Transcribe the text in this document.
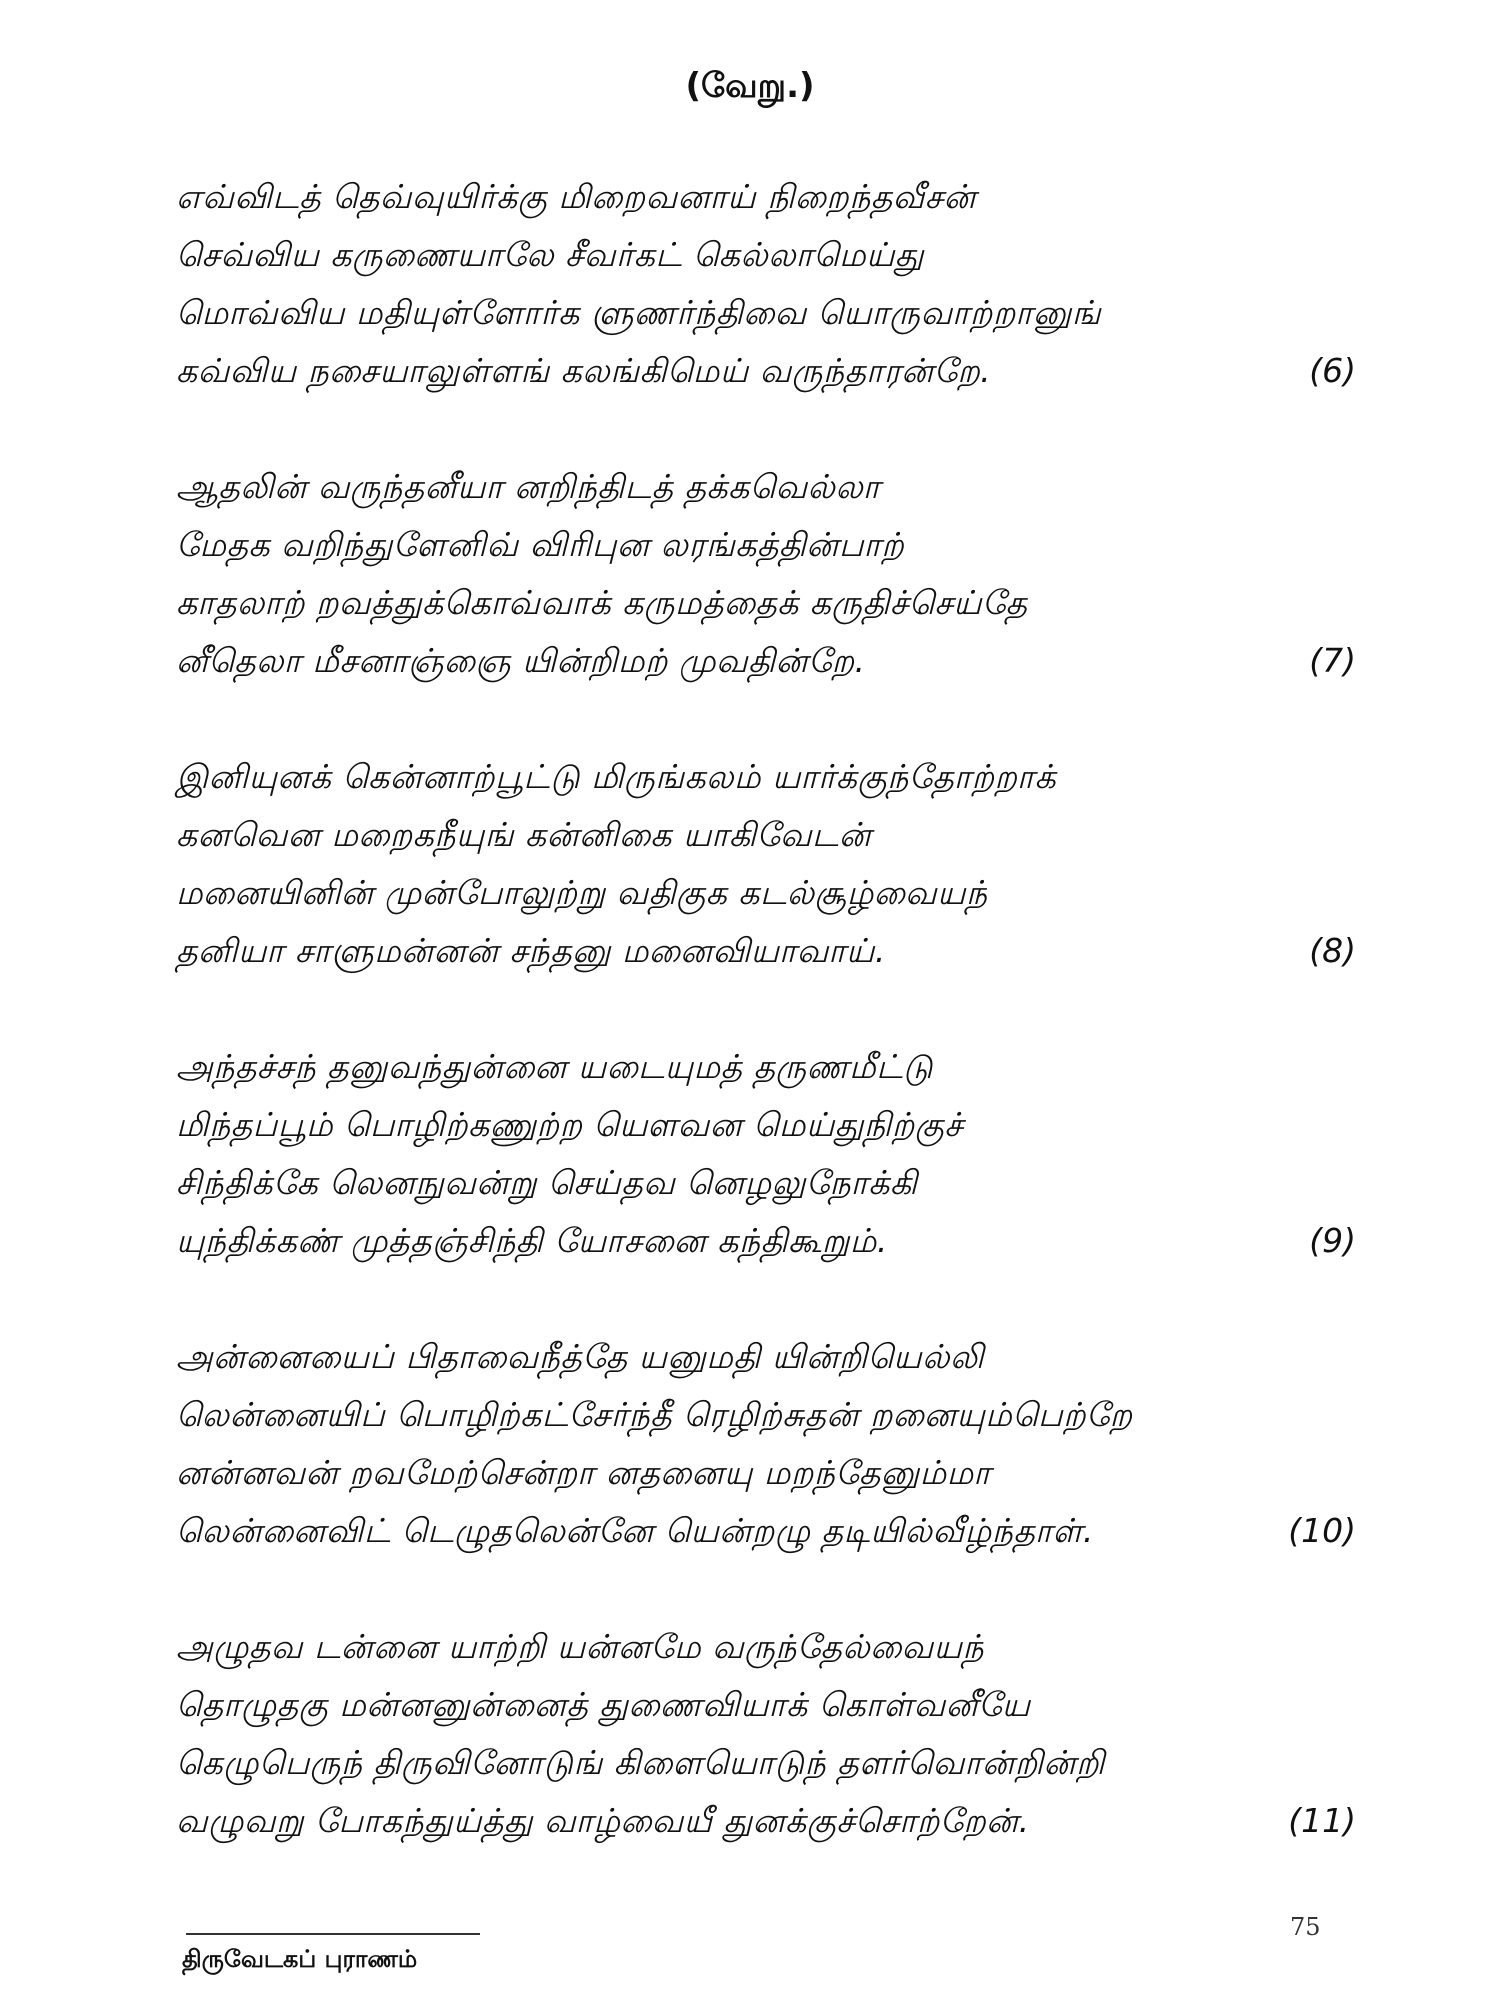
(வேறு.)
எவ்விடத் தெவ்வுயிர்க்கு மிறைவனாய் நிறைந்தவீசன்
செவ்விய கருணையாலே சீவர்கட் கெல்லாமெய்து
மொவ்விய மதியுள்ளோர்க ளுணர்ந்திவை யொருவாற்றானுங்
கவ்விய நசையாலுள்ளங் கலங்கிமெய் வருந்தாரன்றே.	(6)
ஆதலின் வருந்தனீயா னறிந்திடத் தக்கவெல்லா
மேதக வறிந்துளேனிவ் விரிபுன லரங்கத்தின்பாற்
காதலாற் றவத்துக்கொவ்வாக் கருமத்தைக் கருதிச்செய்தே
னீதெலா மீசனாஞ்ஞை யின்றிமற் முவதின்றே.	(7)
இனியுனக் கென்னாற்பூட்டு மிருங்கலம் யார்க்குந்தோற்றாக்
கனவென மறைகநீயுங் கன்னிகை யாகிவேடன்
மனையினின் முன்போலுற்று வதிகுக கடல்சூழ்வையந்
தனியா சாளுமன்னன் சந்தனு மனைவியாவாய்.	(8)
அந்தச்சந் தனுவந்துன்னை யடையுமத் தருணமீட்டு
மிந்தப்பூம் பொழிற்கணுற்ற யௌவன மெய்துநிற்குச்
சிந்திக்கே லெனநுவன்று செய்தவ னெழலுநோக்கி
யுந்திக்கண் முத்தஞ்சிந்தி யோசனை கந்திகூறும்.	(9)
அன்னையைப் பிதாவைநீத்தே யனுமதி யின்றியெல்லி
லென்னையிப் பொழிற்கட்சேர்ந்தீ ரெழிற்சுதன் றனையும்பெற்றே
னன்னவன் றவமேற்சென்றா னதனையு மறந்தேனும்மா
லென்னைவிட் டெழுதலென்னே யென்றழு தடியில்வீழ்ந்தாள்.	(10)
அழுதவ டன்னை யாற்றி யன்னமே வருந்தேல்வையந்
தொழுதகு மன்னனுன்னைத் துணைவியாக் கொள்வனீயே
கெழுபெருந் திருவினோடுங் கிளையொடுந் தளர்வொன்றின்றி
வழுவறு போகந்துய்த்து வாழ்வையீ துனக்குச்சொற்றேன்.	(11)
திருவேடகப் புராணம்
75
